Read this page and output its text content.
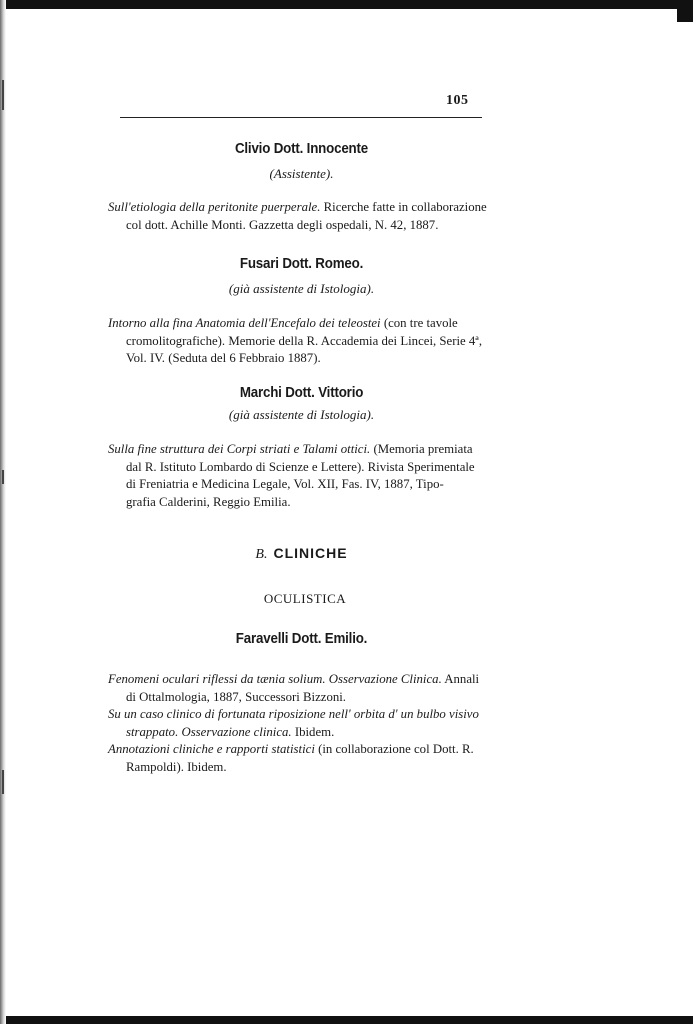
105
Clivio Dott. Innocente
(Assistente).
Sull'etiologia della peritonite puerperale. Ricerche fatte in collaborazione
col dott. Achille Monti. Gazzetta degli ospedali, N. 42, 1887.
Fusari Dott. Romeo.
(già assistente di Istologia).
Intorno alla fina Anatomia dell'Encefalo dei teleostei (con tre tavole
cromolitografiche). Memorie della R. Accademia dei Lincei, Serie 4ª,
Vol. IV. (Seduta del 6 Febbraio 1887).
Marchi Dott. Vittorio
(già assistente di Istologia).
Sulla fine struttura dei Corpi striati e Talami ottici. (Memoria premiata
dal R. Istituto Lombardo di Scienze e Lettere). Rivista Sperimentale
di Freniatria e Medicina Legale, Vol. XII, Fas. IV, 1887, Tipo-
grafia Calderini, Reggio Emilia.
B. CLINICHE
OCULISTICA
Faravelli Dott. Emilio.
Fenomeni oculari riflessi da tænia solium. Osservazione Clinica. Annali
di Ottalmologia, 1887, Successori Bizzoni.
Su un caso clinico di fortunata riposizione nell' orbita d' un bulbo visivo
strappato. Osservazione clinica. Ibidem.
Annotazioni cliniche e rapporti statistici (in collaborazione col Dott. R.
Rampoldi). Ibidem.
